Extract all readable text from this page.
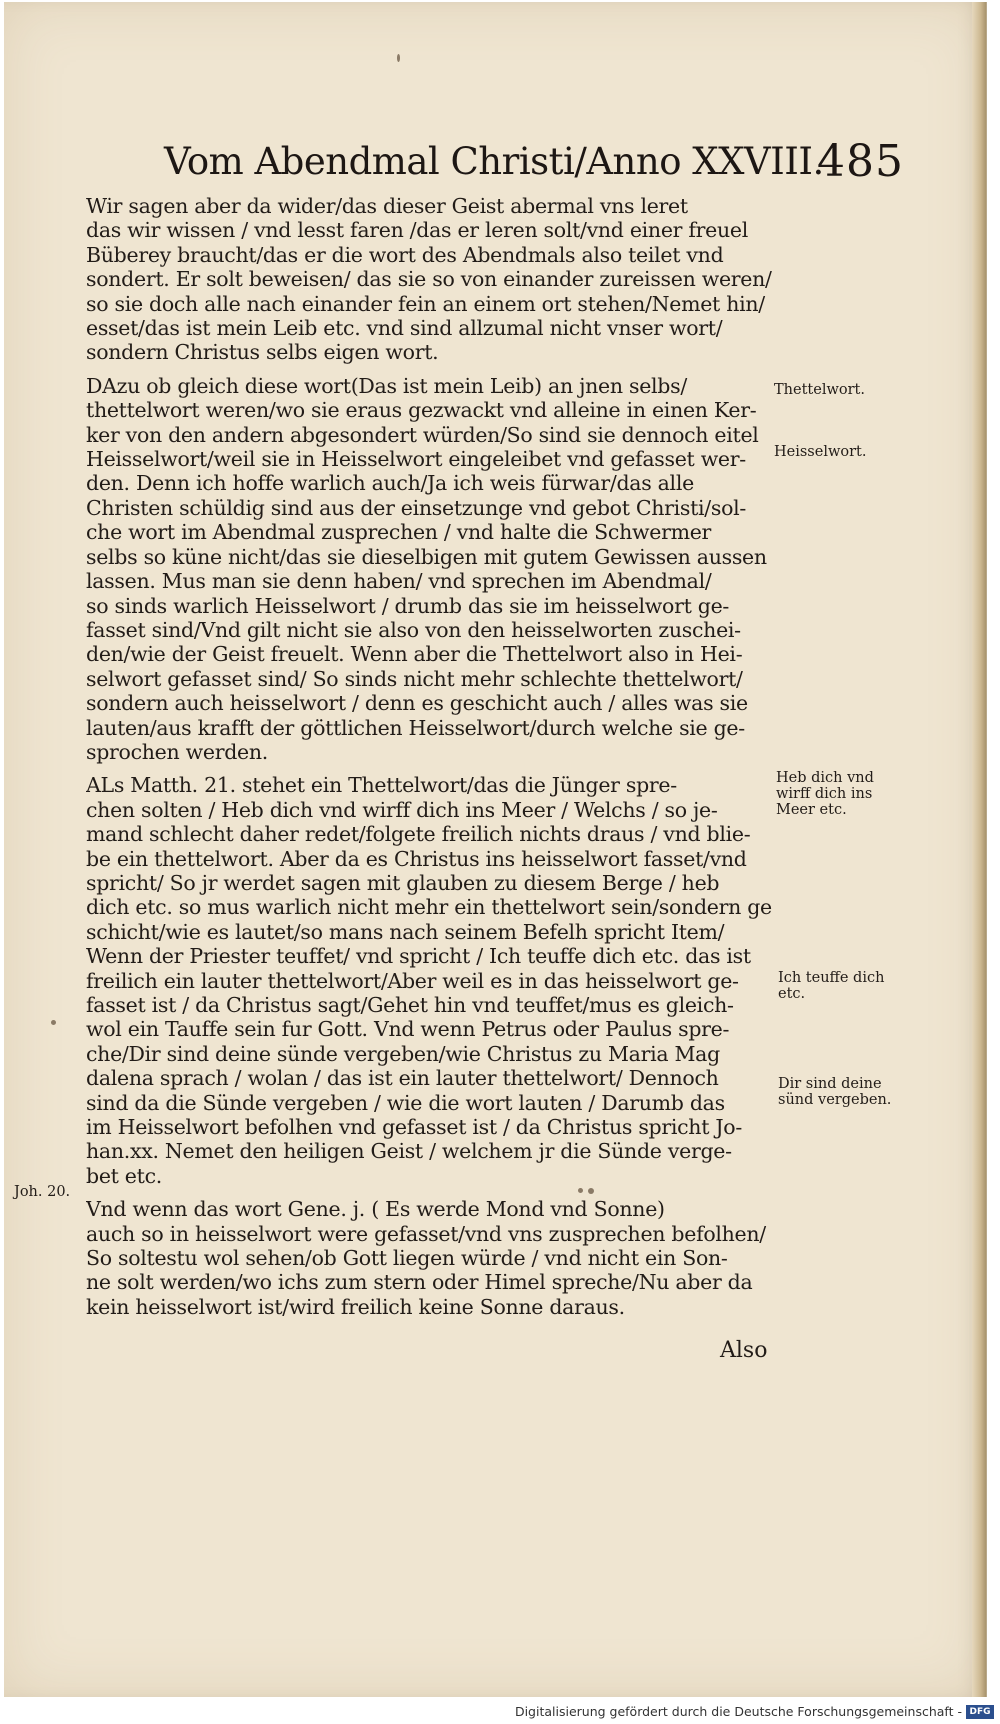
Vom Abendmal Christi/Anno XXVIII.
485
Wir sagen aber da wider/das dieser Geist abermal vns leret
das wir wissen / vnd lesst faren /das er leren solt/vnd einer freuel
Büberey braucht/das er die wort des Abendmals also teilet vnd
sondert. Er solt beweisen/ das sie so von einander zureissen weren/
so sie doch alle nach einander fein an einem ort stehen/Nemet hin/
esset/das ist mein Leib etc. vnd sind allzumal nicht vnser wort/
sondern Christus selbs eigen wort.
DAzu ob gleich diese wort(Das ist mein Leib) an jnen selbs/
thettelwort weren/wo sie eraus gezwackt vnd alleine in einen Ker-
ker von den andern abgesondert würden/So sind sie dennoch eitel
Heisselwort/weil sie in Heisselwort eingeleibet vnd gefasset wer-
den. Denn ich hoffe warlich auch/Ja ich weis fürwar/das alle
Christen schüldig sind aus der einsetzunge vnd gebot Christi/sol-
che wort im Abendmal zusprechen / vnd halte die Schwermer
selbs so küne nicht/das sie dieselbigen mit gutem Gewissen aussen
lassen. Mus man sie denn haben/ vnd sprechen im Abendmal/
so sinds warlich Heisselwort / drumb das sie im heisselwort ge-
fasset sind/Vnd gilt nicht sie also von den heisselworten zuschei-
den/wie der Geist freuelt. Wenn aber die Thettelwort also in Hei-
selwort gefasset sind/ So sinds nicht mehr schlechte thettelwort/
sondern auch heisselwort / denn es geschicht auch / alles was sie
lauten/aus krafft der göttlichen Heisselwort/durch welche sie ge-
sprochen werden.
ALs Matth. 21. stehet ein Thettelwort/das die Jünger spre-
chen solten / Heb dich vnd wirff dich ins Meer / Welchs / so je-
mand schlecht daher redet/folgete freilich nichts draus / vnd blie-
be ein thettelwort. Aber da es Christus ins heisselwort fasset/vnd
spricht/ So jr werdet sagen mit glauben zu diesem Berge / heb
dich etc. so mus warlich nicht mehr ein thettelwort sein/sondern ge
schicht/wie es lautet/so mans nach seinem Befelh spricht Item/
Wenn der Priester teuffet/ vnd spricht / Ich teuffe dich etc. das ist
freilich ein lauter thettelwort/Aber weil es in das heisselwort ge-
fasset ist / da Christus sagt/Gehet hin vnd teuffet/mus es gleich-
wol ein Tauffe sein fur Gott. Vnd wenn Petrus oder Paulus spre-
che/Dir sind deine sünde vergeben/wie Christus zu Maria Mag
dalena sprach / wolan / das ist ein lauter thettelwort/ Dennoch
sind da die Sünde vergeben / wie die wort lauten / Darumb das
im Heisselwort befolhen vnd gefasset ist / da Christus spricht Jo-
han.xx. Nemet den heiligen Geist / welchem jr die Sünde verge-
bet etc.
Vnd wenn das wort Gene. j. ( Es werde Mond vnd Sonne)
auch so in heisselwort were gefasset/vnd vns zusprechen befolhen/
So soltestu wol sehen/ob Gott liegen würde / vnd nicht ein Son-
ne solt werden/wo ichs zum stern oder Himel spreche/Nu aber da
kein heisselwort ist/wird freilich keine Sonne daraus.
Also
Thettelwort.
Heisselwort.
Heb dich vnd
wirff dich ins
Meer etc.
Ich teuffe dich
etc.
Dir sind deine
sünd vergeben.
Joh. 20.
Digitalisierung gefördert durch die Deutsche Forschungsgemeinschaft - DFG
